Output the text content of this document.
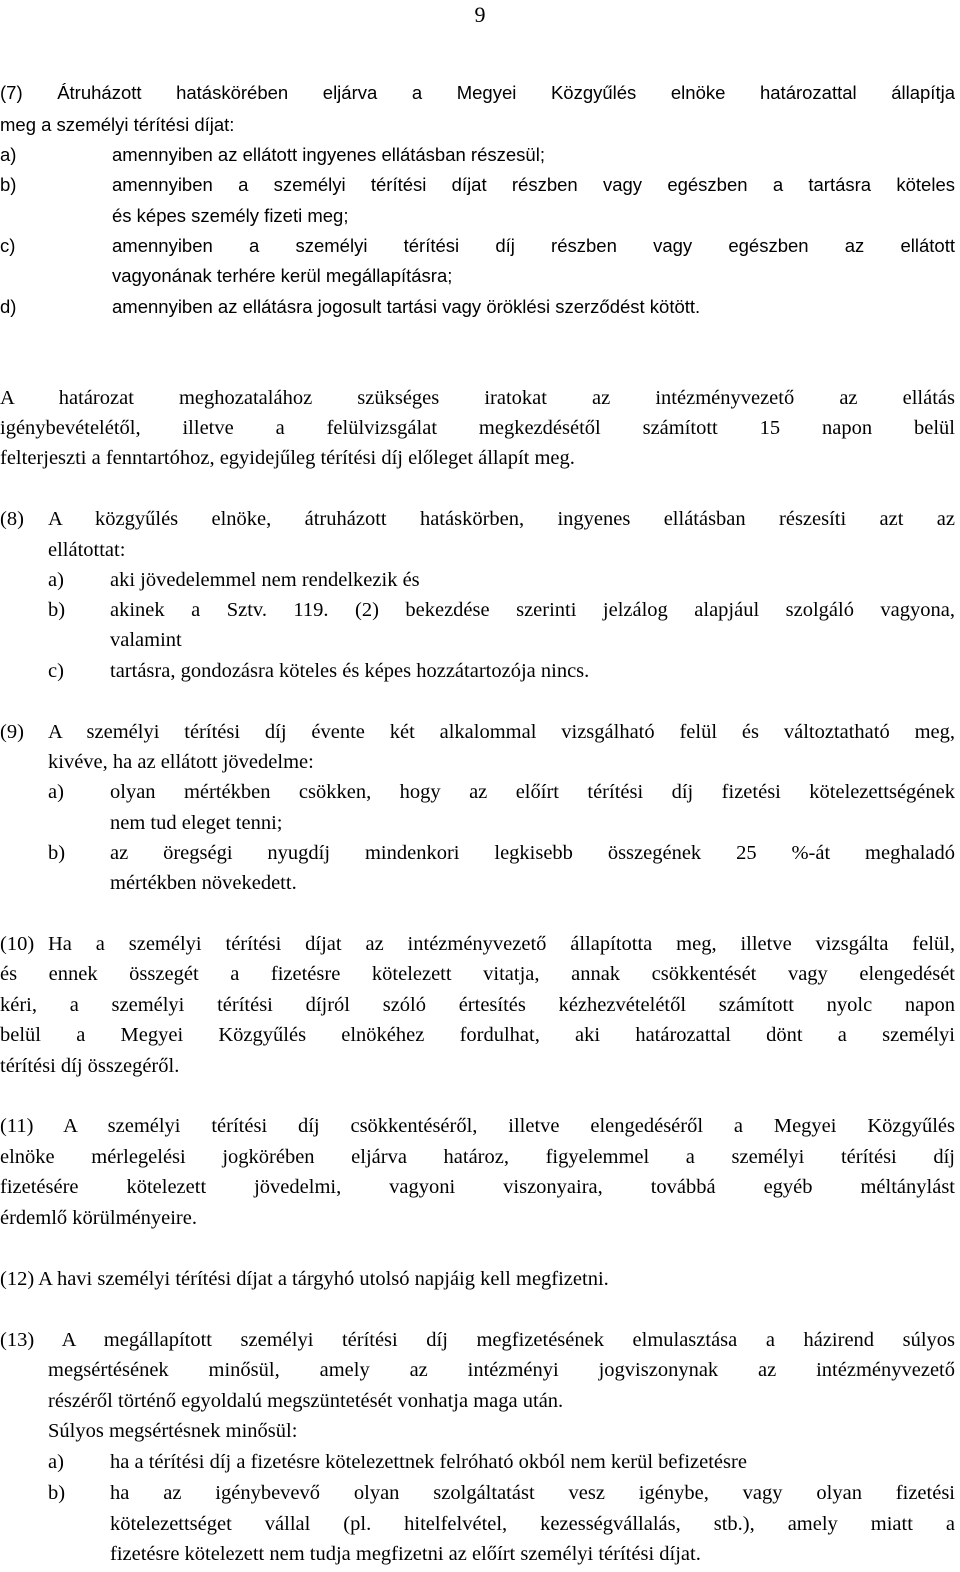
9
(7) Átruházott hatáskörében eljárva a Megyei Közgyűlés elnöke határozattal állapítja
meg a személyi térítési díjat:
a)	amennyiben az ellátott ingyenes ellátásban részesül;
b)	amennyiben a személyi térítési díjat részben vagy egészben a tartásra köteles
és képes személy fizeti meg;
c)	amennyiben a személyi térítési díj részben vagy egészben az ellátott
vagyonának terhére kerül megállapításra;
d)	amennyiben az ellátásra jogosult tartási vagy öröklési szerződést kötött.
A határozat meghozatalához szükséges iratokat az intézményvezető az ellátás
igénybevételétől, illetve a felülvizsgálat megkezdésétől számított 15 napon belül
felterjeszti a fenntartóhoz, egyidejűleg térítési díj előleget állapít meg.
(8) A közgyűlés elnöke, átruházott hatáskörben, ingyenes ellátásban részesíti azt az
ellátottat:
a) aki jövedelemmel nem rendelkezik és
b) akinek a Sztv. 119. (2) bekezdése szerinti jelzálog alapjául szolgáló vagyona,
valamint
c) tartásra, gondozásra köteles és képes hozzátartozója nincs.
(9) A személyi térítési díj évente két alkalommal vizsgálható felül és változtatható meg,
kivéve, ha az ellátott jövedelme:
a) olyan mértékben csökken, hogy az előírt térítési díj fizetési kötelezettségének
nem tud eleget tenni;
b) az öregségi nyugdíj mindenkori legkisebb összegének 25 %-át meghaladó
mértékben növekedett.
(10) Ha a személyi térítési díjat az intézményvezető állapította meg, illetve vizsgálta felül,
és ennek összegét a fizetésre kötelezett vitatja, annak csökkentését vagy elengedését
kéri, a személyi térítési díjról szóló értesítés kézhezvételétől számított nyolc napon
belül a Megyei Közgyűlés elnökéhez fordulhat, aki határozattal dönt a személyi
térítési díj összegéről.
(11) A személyi térítési díj csökkentéséről, illetve elengedéséről a Megyei Közgyűlés
elnöke mérlegelési jogkörében eljárva határoz, figyelemmel a személyi térítési díj
fizetésére kötelezett jövedelmi, vagyoni viszonyaira, továbbá egyéb méltánylást
érdemlő körülményeire.
(12) A havi személyi térítési díjat a tárgyhó utolsó napjáig kell megfizetni.
(13) A megállapított személyi térítési díj megfizetésének elmulasztása a házirend súlyos
megsértésének minősül, amely az intézményi jogviszonynak az intézményvezető
részéről történő egyoldalú megszüntetését vonhatja maga után.
Súlyos megsértésnek minősül:
a) ha a térítési díj a fizetésre kötelezettnek felróható okból nem kerül befizetésre
b) ha az igénybevevő olyan szolgáltatást vesz igénybe, vagy olyan fizetési
kötelezettséget vállal (pl. hitelfelvétel, kezességvállalás, stb.), amely miatt a
fizetésre kötelezett nem tudja megfizetni az előírt személyi térítési díjat.
